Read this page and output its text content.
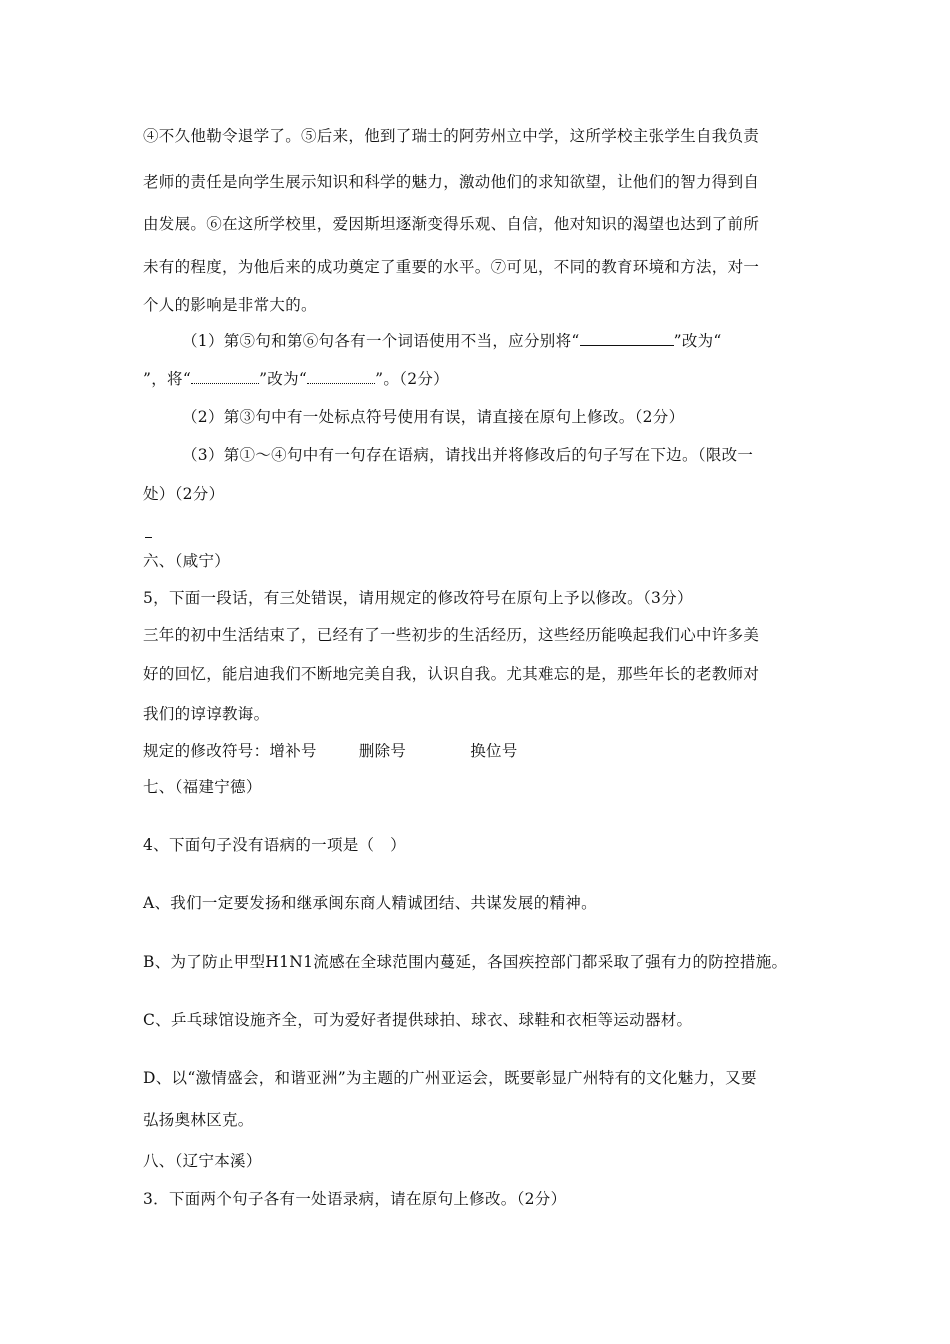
④不久他勒令退学了。⑤后来，他到了瑞士的阿劳州立中学，这所学校主张学生自我负责
老师的责任是向学生展示知识和科学的魅力，激动他们的求知欲望，让他们的智力得到自
由发展。⑥在这所学校里，爱因斯坦逐渐变得乐观、自信，他对知识的渴望也达到了前所
未有的程度，为他后来的成功奠定了重要的水平。⑦可见，不同的教育环境和方法，对一
个人的影响是非常大的。
（1）第⑤句和第⑥句各有一个词语使用不当，应分别将“	”改为“
”，将“	”改为“	”。（2分）
（2）第③句中有一处标点符号使用有误，请直接在原句上修改。（2分）
（3）第①～④句中有一句存在语病，请找出并将修改后的句子写在下边。（限改一
处）（2分）
六、（咸宁）
5，下面一段话，有三处错误，请用规定的修改符号在原句上予以修改。（3分）
三年的初中生活结束了，已经有了一些初步的生活经历，这些经历能唤起我们心中许多美
好的回忆，能启迪我们不断地完美自我，认识自我。尤其难忘的是，那些年长的老教师对
我们的谆谆教诲。
规定的修改符号：增补号	删除号	换位号
七、（福建宁德）
4、下面句子没有语病的一项是（　）
A、我们一定要发扬和继承闽东商人精诚团结、共谋发展的精神。
B、为了防止甲型H1N1流感在全球范围内蔓延，各国疾控部门都采取了强有力的防控措施。
C、乒乓球馆设施齐全，可为爱好者提供球拍、球衣、球鞋和衣柜等运动器材。
D、以“激情盛会，和谐亚洲”为主题的广州亚运会，既要彰显广州特有的文化魅力，又要
弘扬奥林区克。
八、（辽宁本溪）
3．下面两个句子各有一处语录病，请在原句上修改。（2分）
